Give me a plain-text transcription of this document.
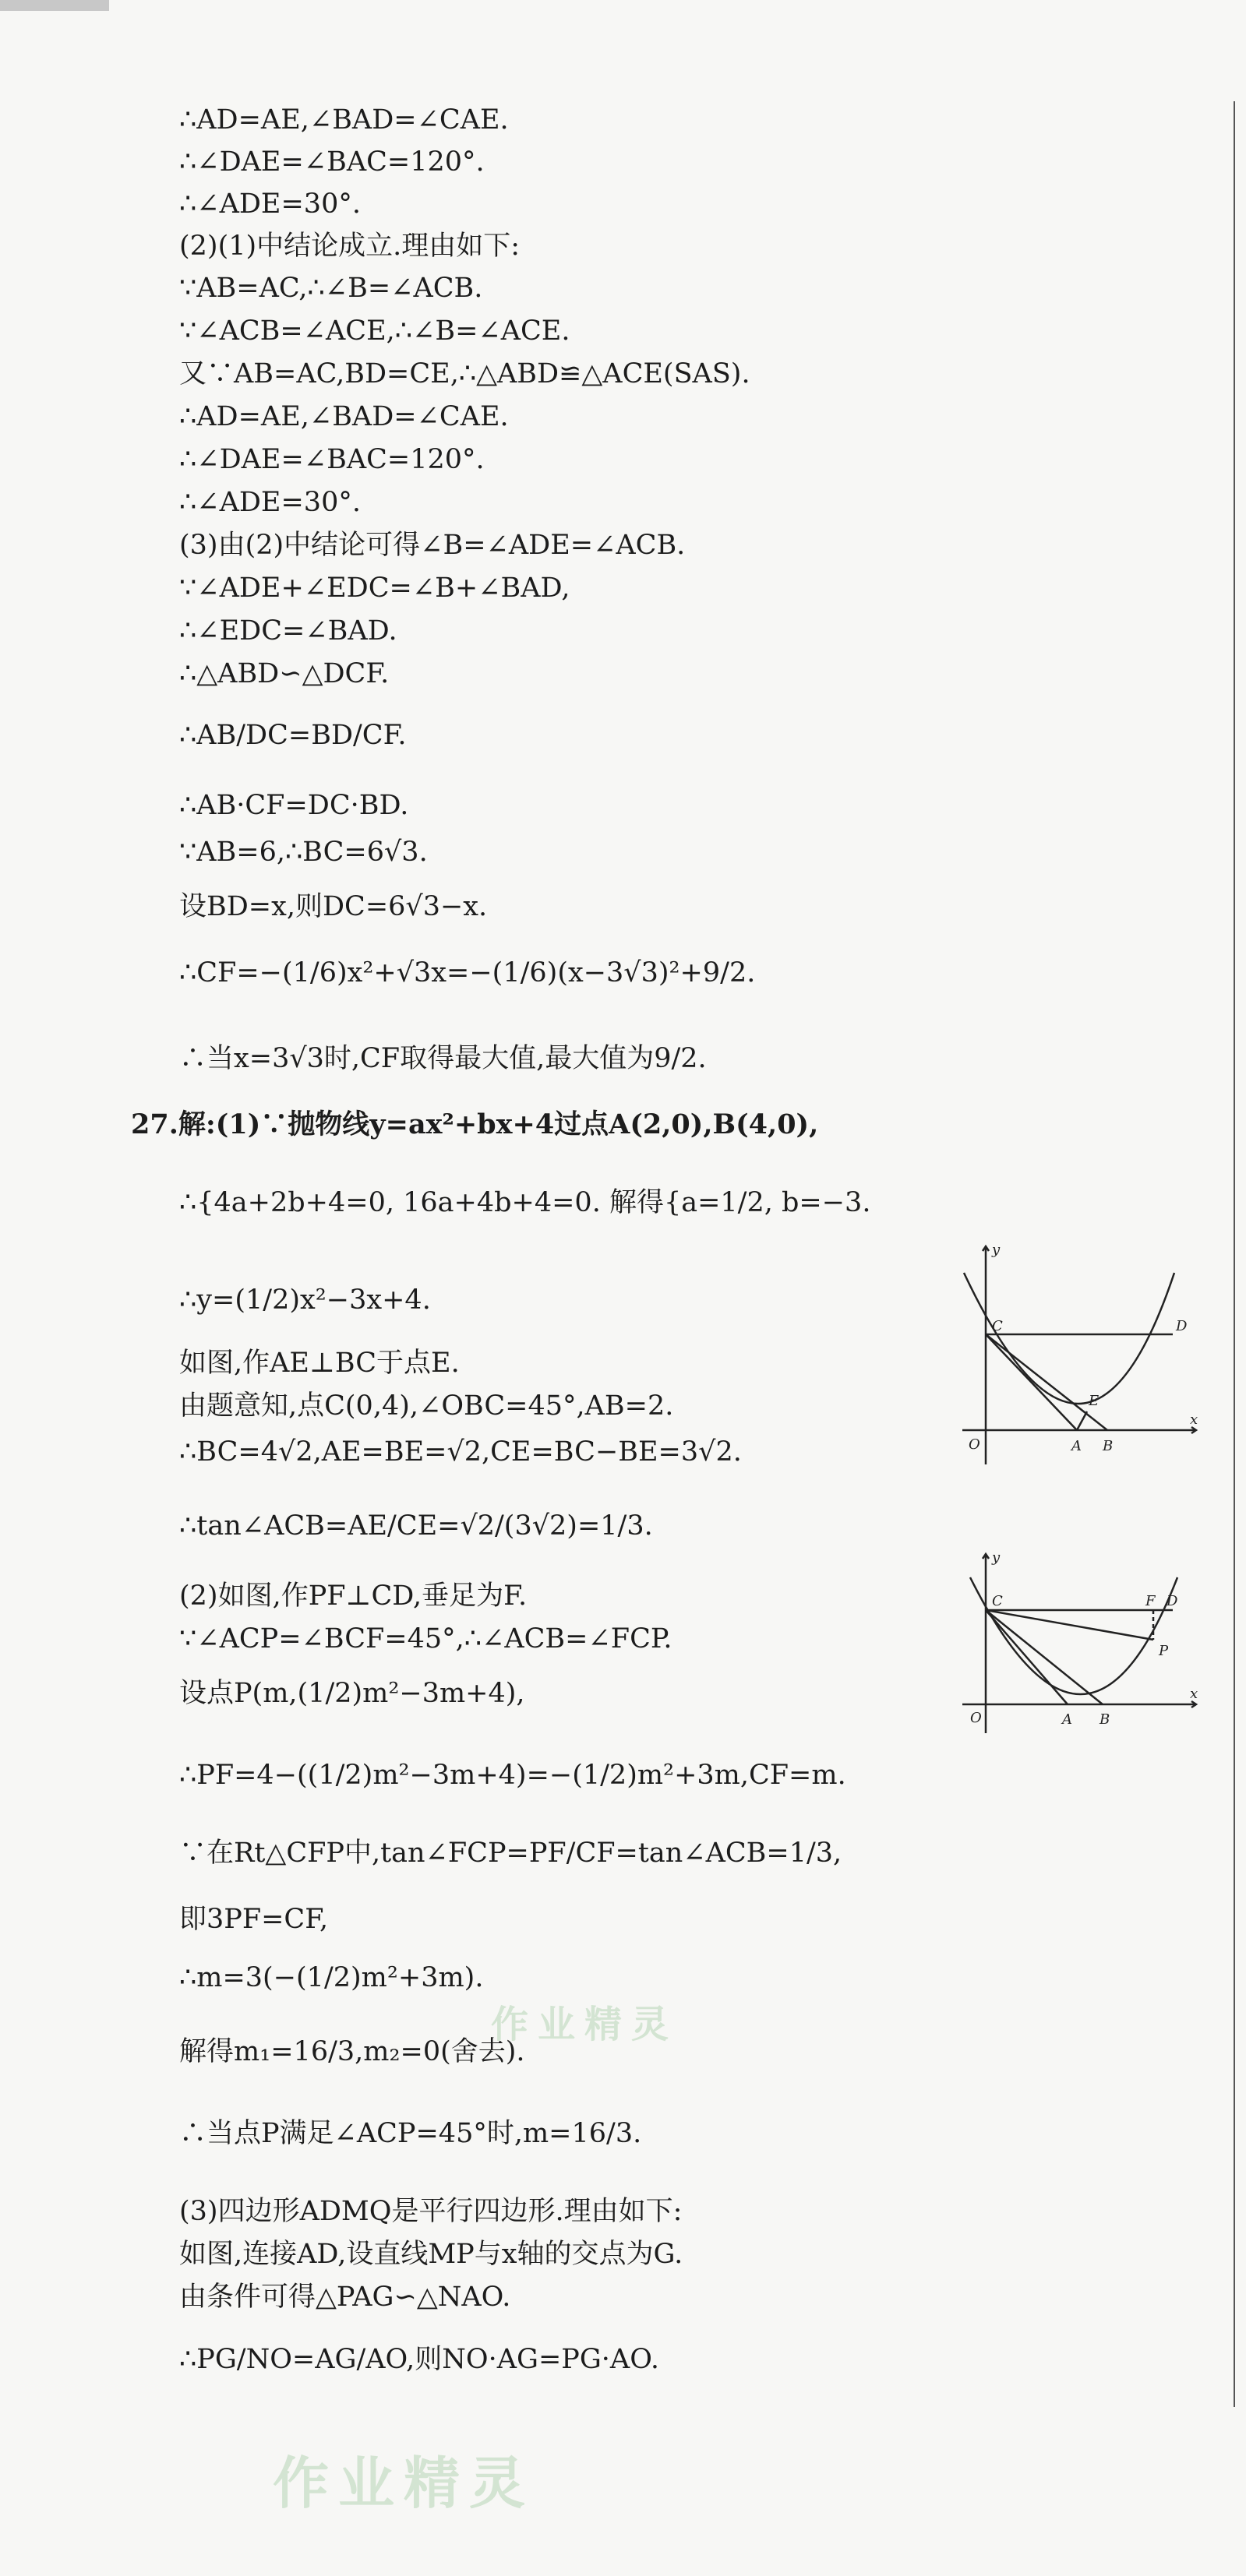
∴AD=AE,∠BAD=∠CAE.
∴∠DAE=∠BAC=120°.
∴∠ADE=30°.
(2)(1)中结论成立.理由如下:
∵AB=AC,∴∠B=∠ACB.
∵∠ACB=∠ACE,∴∠B=∠ACE.
又∵AB=AC,BD=CE,∴△ABD≌△ACE(SAS).
∴AD=AE,∠BAD=∠CAE.
∴∠DAE=∠BAC=120°.
∴∠ADE=30°.
(3)由(2)中结论可得∠B=∠ADE=∠ACB.
∵∠ADE+∠EDC=∠B+∠BAD,
∴∠EDC=∠BAD.
∴△ABD∽△DCF.
∴AB/DC=BD/CF.
∴AB·CF=DC·BD.
∵AB=6,∴BC=6√3.
设BD=x,则DC=6√3−x.
∴CF=−(1/6)x²+√3x=−(1/6)(x−3√3)²+9/2.
∴当x=3√3时,CF取得最大值,最大值为9/2.
27.解:(1)∵抛物线y=ax²+bx+4过点A(2,0),B(4,0),
∴{4a+2b+4=0, 16a+4b+4=0. 解得{a=1/2, b=−3.
∴y=(1/2)x²−3x+4.
如图,作AE⊥BC于点E.
由题意知,点C(0,4),∠OBC=45°,AB=2.
∴BC=4√2,AE=BE=√2,CE=BC−BE=3√2.
∴tan∠ACB=AE/CE=√2/(3√2)=1/3.
(2)如图,作PF⊥CD,垂足为F.
∵∠ACP=∠BCF=45°,∴∠ACB=∠FCP.
设点P(m,(1/2)m²−3m+4),
∴PF=4−((1/2)m²−3m+4)=−(1/2)m²+3m,CF=m.
∵在Rt△CFP中,tan∠FCP=PF/CF=tan∠ACB=1/3,
即3PF=CF,
∴m=3(−(1/2)m²+3m).
解得m₁=16/3,m₂=0(舍去).
∴当点P满足∠ACP=45°时,m=16/3.
(3)四边形ADMQ是平行四边形.理由如下:
如图,连接AD,设直线MP与x轴的交点为G.
由条件可得△PAG∽△NAO.
∴PG/NO=AG/AO,则NO·AG=PG·AO.
y
x
O	A B
C	D
E
y
x
O	A B
C	F D
P
作业精灵
作业精灵
